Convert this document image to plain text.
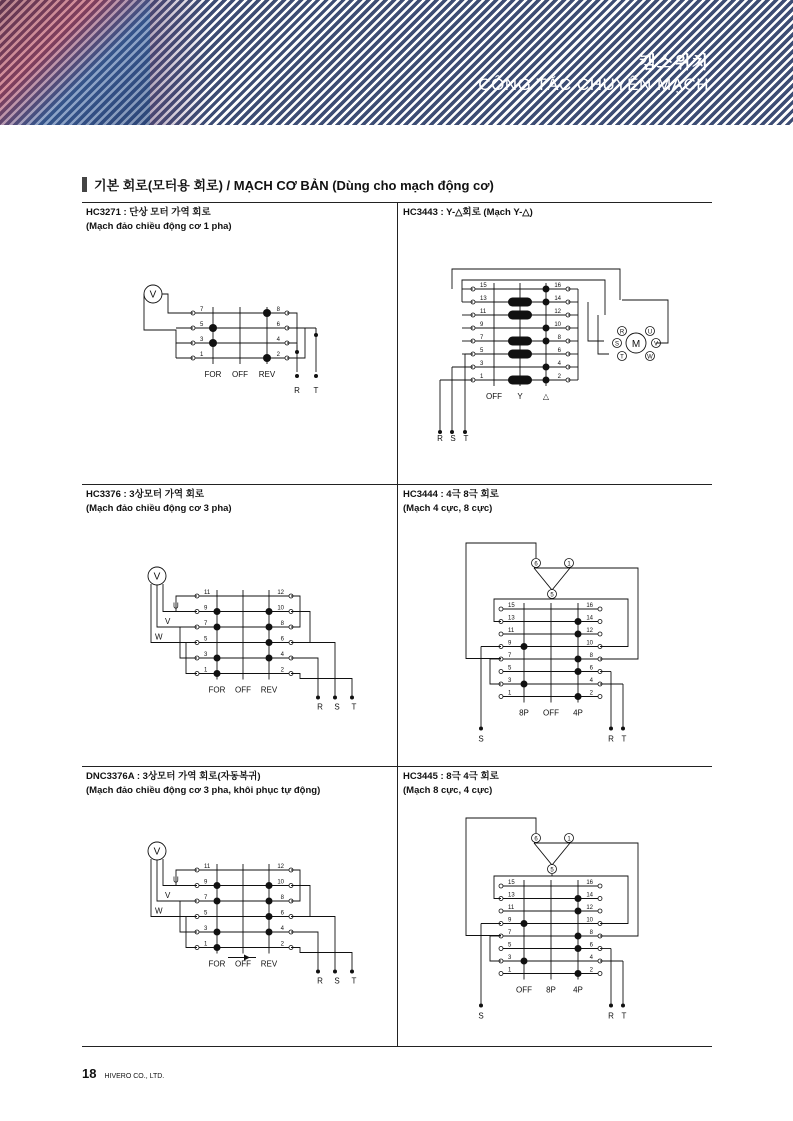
캠스위치
CÔNG TẮC CHUYỂN MẠCH
기본 회로(모터용 회로) / MẠCH CƠ BẢN (Dùng cho mạch động cơ)
HC3271 : 단상 모터 가역 회로
(Mạch đảo chiều động cơ 1 pha)
HC3443 : Y-△회로 (Mạch Y-△)
HC3376 : 3상모터 가역 회로
(Mạch đảo chiều động cơ 3 pha)
HC3444 : 4극 8극 회로
(Mạch 4 cực, 8 cực)
DNC3376A : 3상모터 가역 회로(자동복귀)
(Mạch đảo chiều động cơ 3 pha, khôi phục tự động)
HC3445 : 8극 4극 회로
(Mạch 8 cực, 4 cực)
V
7	8
5	6
3	4
1	2
FOR OFF REV
R T
15	16
13	14
11	12
9	10
7	8
5	6
3	4
1	2
OFF Y	△
M
R	U
S	V
T	W
R S T
V
11	12
9	10
7	8
5	6
3	4
1	2
FOR OFF REV
U
V
W
R S T
V
11	12
9	10
7	8
5	6
3	4
1	2
FOR OFF REV
U
V
W
R S T
15	16
13	14
11	12
9	10
7	8
5	6
3	4
1	2
8P OFF 4P
6	1
5
S	R T
15	16
13	14
11	12
9	10
7	8
5	6
3	4
1	2
OFF 8P 4P
6	1
5
S	R T
18 HIVERO CO., LTD.
